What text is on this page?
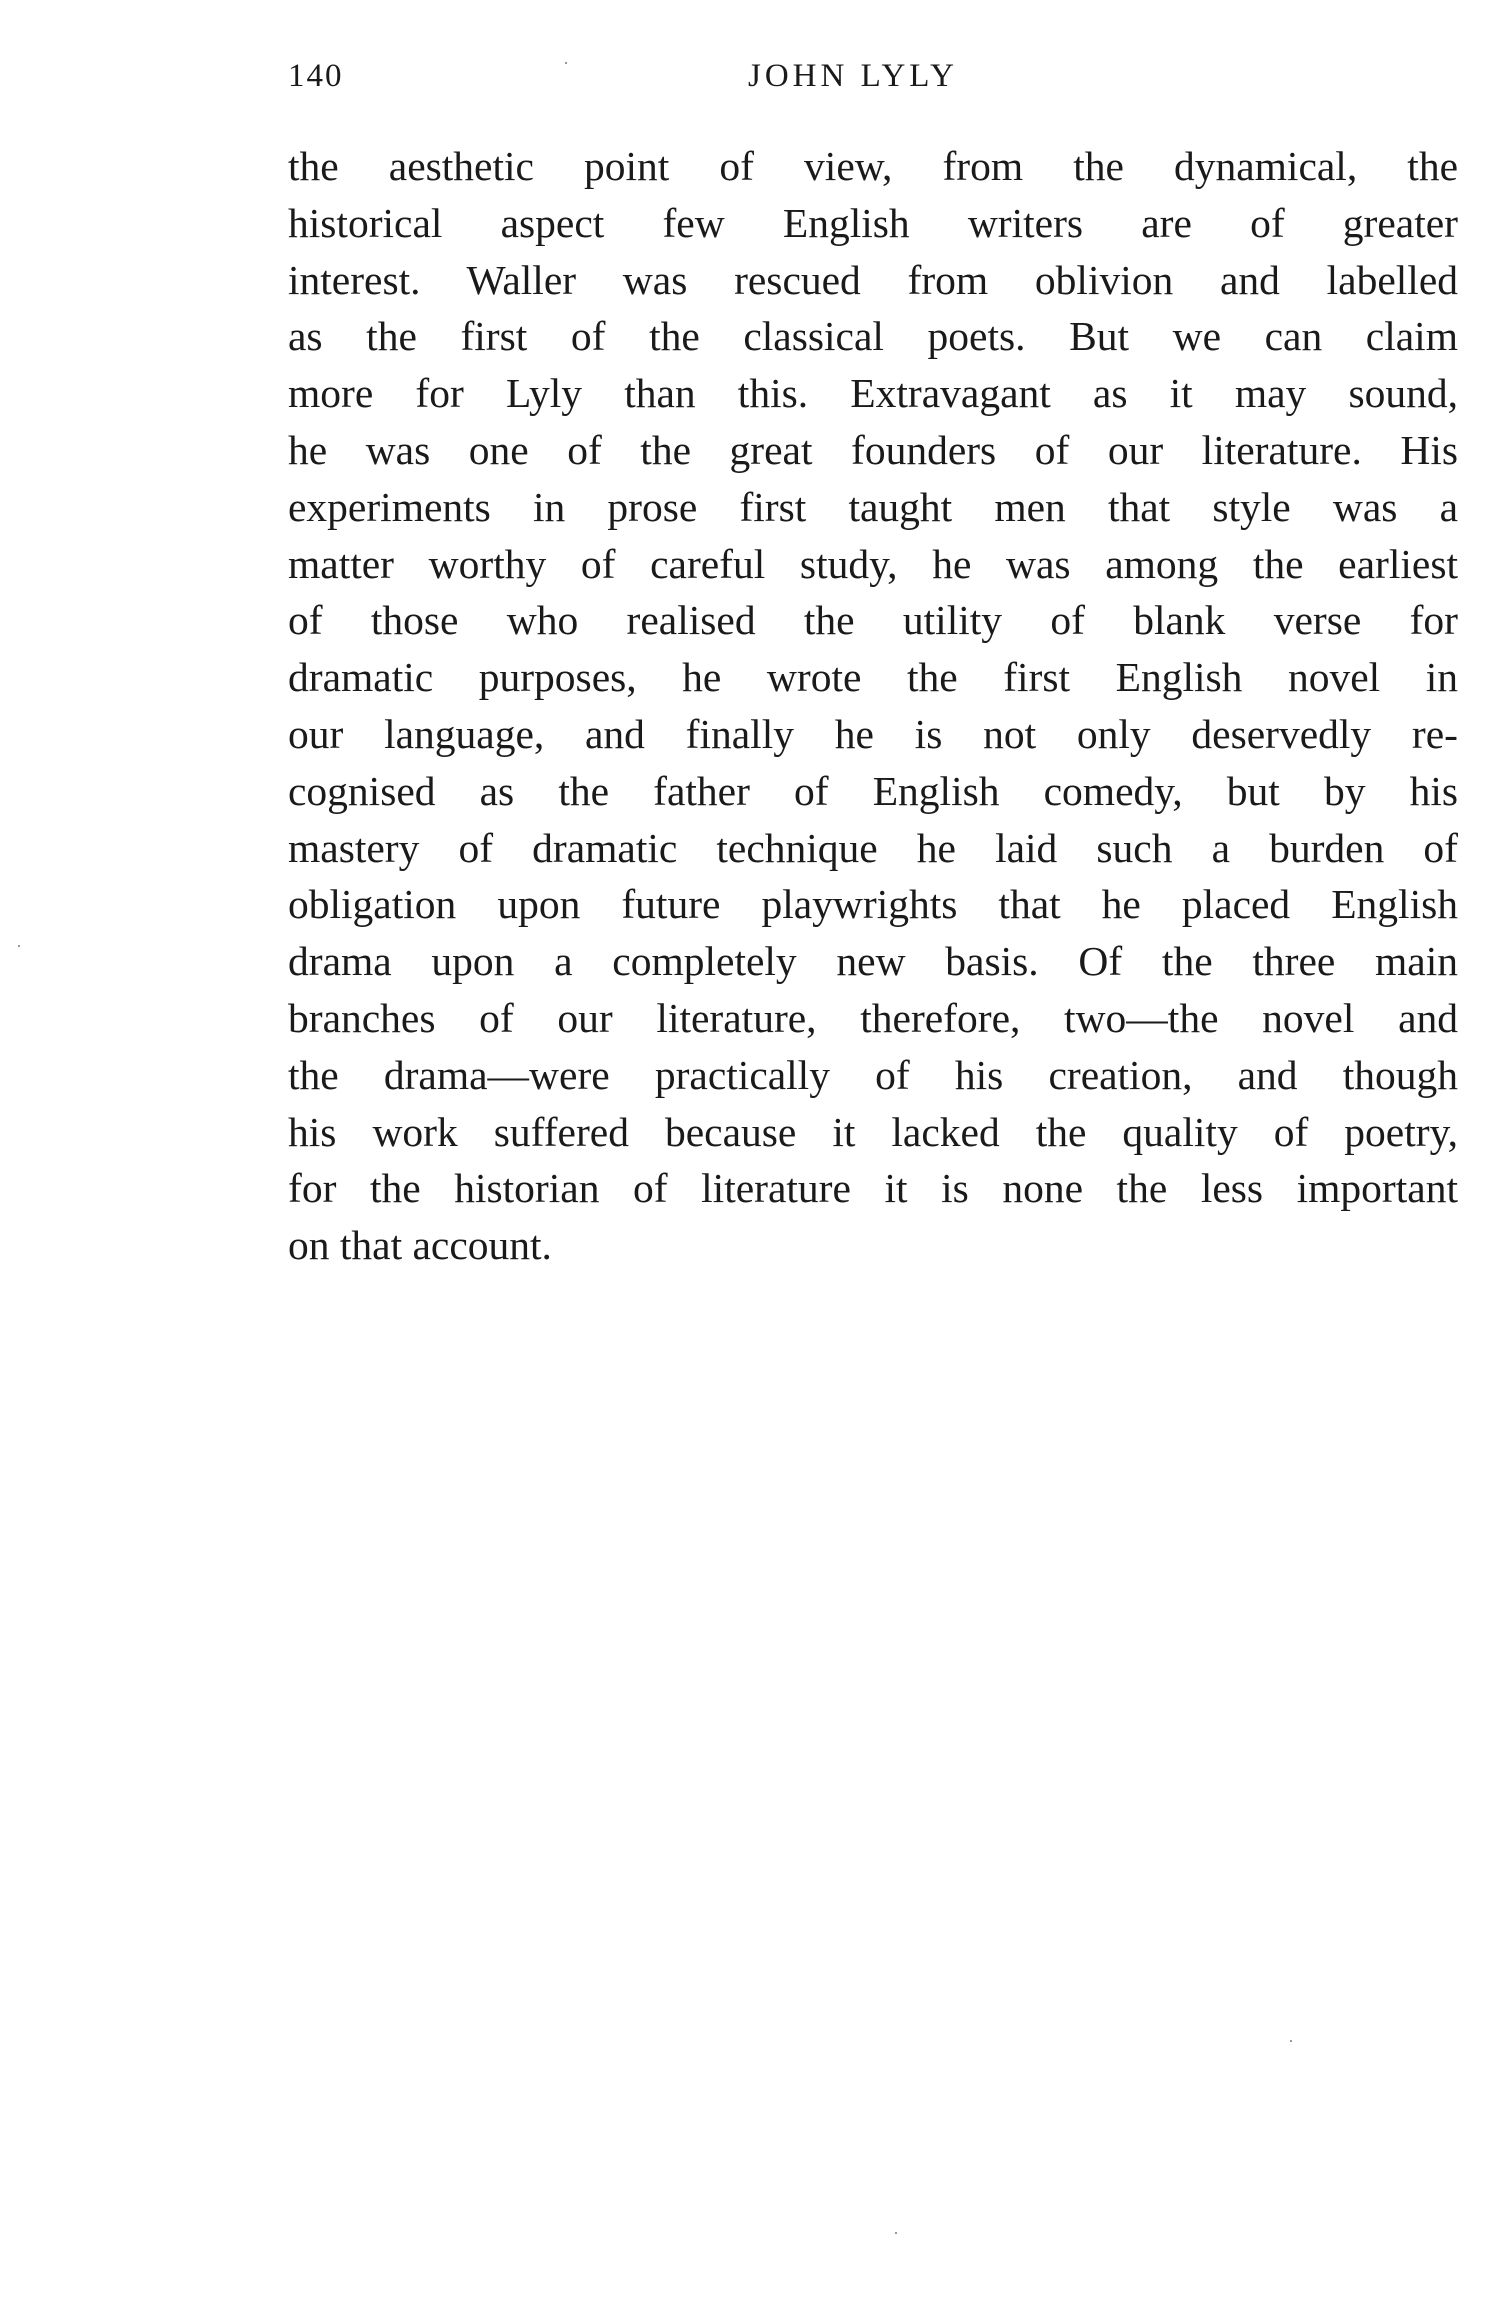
140	JOHN LYLY
the aesthetic point of view, from the dynamical, the
historical aspect few English writers are of greater
interest. Waller was rescued from oblivion and labelled
as the first of the classical poets. But we can claim
more for Lyly than this. Extravagant as it may sound,
he was one of the great founders of our literature. His
experiments in prose first taught men that style was a
matter worthy of careful study, he was among the earliest
of those who realised the utility of blank verse for
dramatic purposes, he wrote the first English novel in
our language, and finally he is not only deservedly re-
cognised as the father of English comedy, but by his
mastery of dramatic technique he laid such a burden of
obligation upon future playwrights that he placed English
drama upon a completely new basis. Of the three main
branches of our literature, therefore, two—the novel and
the drama—were practically of his creation, and though
his work suffered because it lacked the quality of poetry,
for the historian of literature it is none the less important
on that account.
